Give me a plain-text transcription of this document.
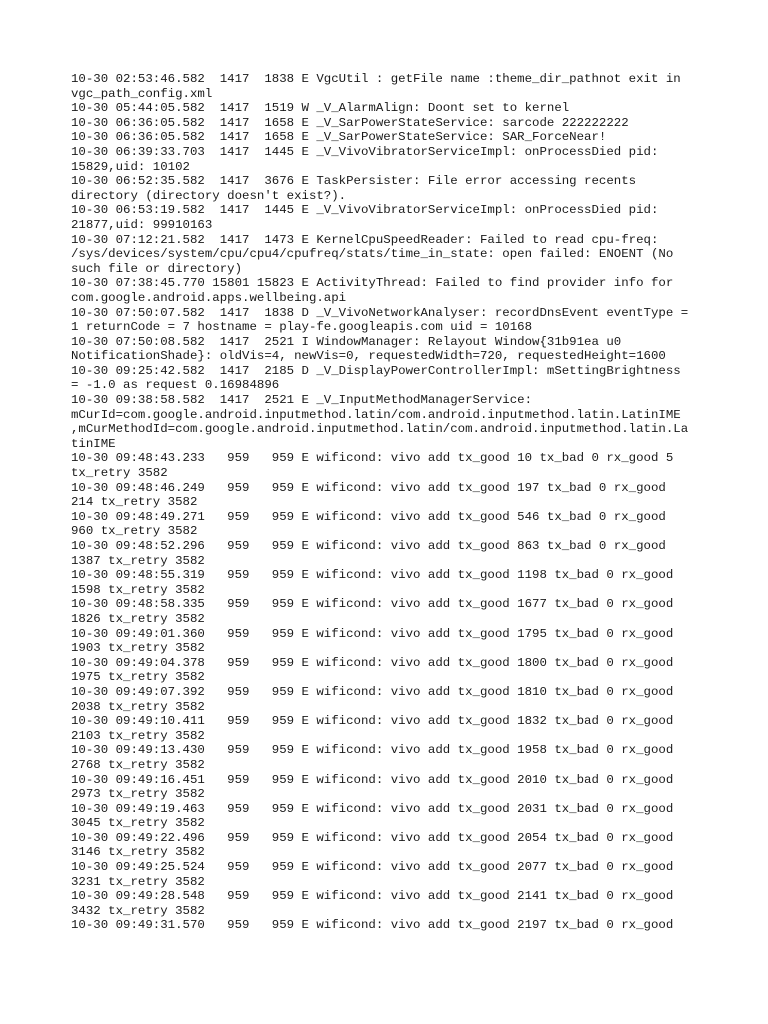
10-30 02:53:46.582  1417  1838 E VgcUtil : getFile name :theme_dir_pathnot exit in
vgc_path_config.xml
10-30 05:44:05.582  1417  1519 W _V_AlarmAlign: Doont set to kernel
10-30 06:36:05.582  1417  1658 E _V_SarPowerStateService: sarcode 222222222
10-30 06:36:05.582  1417  1658 E _V_SarPowerStateService: SAR_ForceNear!
10-30 06:39:33.703  1417  1445 E _V_VivoVibratorServiceImpl: onProcessDied pid:
15829,uid: 10102
10-30 06:52:35.582  1417  3676 E TaskPersister: File error accessing recents
directory (directory doesn't exist?).
10-30 06:53:19.582  1417  1445 E _V_VivoVibratorServiceImpl: onProcessDied pid:
21877,uid: 99910163
10-30 07:12:21.582  1417  1473 E KernelCpuSpeedReader: Failed to read cpu-freq:
/sys/devices/system/cpu/cpu4/cpufreq/stats/time_in_state: open failed: ENOENT (No
such file or directory)
10-30 07:38:45.770 15801 15823 E ActivityThread: Failed to find provider info for
com.google.android.apps.wellbeing.api
10-30 07:50:07.582  1417  1838 D _V_VivoNetworkAnalyser: recordDnsEvent eventType =
1 returnCode = 7 hostname = play-fe.googleapis.com uid = 10168
10-30 07:50:08.582  1417  2521 I WindowManager: Relayout Window{31b91ea u0
NotificationShade}: oldVis=4, newVis=0, requestedWidth=720, requestedHeight=1600
10-30 09:25:42.582  1417  2185 D _V_DisplayPowerControllerImpl: mSettingBrightness
= -1.0 as request 0.16984896
10-30 09:38:58.582  1417  2521 E _V_InputMethodManagerService:
mCurId=com.google.android.inputmethod.latin/com.android.inputmethod.latin.LatinIME
,mCurMethodId=com.google.android.inputmethod.latin/com.android.inputmethod.latin.La
tinIME
10-30 09:48:43.233   959   959 E wificond: vivo add tx_good 10 tx_bad 0 rx_good 5
tx_retry 3582
10-30 09:48:46.249   959   959 E wificond: vivo add tx_good 197 tx_bad 0 rx_good
214 tx_retry 3582
10-30 09:48:49.271   959   959 E wificond: vivo add tx_good 546 tx_bad 0 rx_good
960 tx_retry 3582
10-30 09:48:52.296   959   959 E wificond: vivo add tx_good 863 tx_bad 0 rx_good
1387 tx_retry 3582
10-30 09:48:55.319   959   959 E wificond: vivo add tx_good 1198 tx_bad 0 rx_good
1598 tx_retry 3582
10-30 09:48:58.335   959   959 E wificond: vivo add tx_good 1677 tx_bad 0 rx_good
1826 tx_retry 3582
10-30 09:49:01.360   959   959 E wificond: vivo add tx_good 1795 tx_bad 0 rx_good
1903 tx_retry 3582
10-30 09:49:04.378   959   959 E wificond: vivo add tx_good 1800 tx_bad 0 rx_good
1975 tx_retry 3582
10-30 09:49:07.392   959   959 E wificond: vivo add tx_good 1810 tx_bad 0 rx_good
2038 tx_retry 3582
10-30 09:49:10.411   959   959 E wificond: vivo add tx_good 1832 tx_bad 0 rx_good
2103 tx_retry 3582
10-30 09:49:13.430   959   959 E wificond: vivo add tx_good 1958 tx_bad 0 rx_good
2768 tx_retry 3582
10-30 09:49:16.451   959   959 E wificond: vivo add tx_good 2010 tx_bad 0 rx_good
2973 tx_retry 3582
10-30 09:49:19.463   959   959 E wificond: vivo add tx_good 2031 tx_bad 0 rx_good
3045 tx_retry 3582
10-30 09:49:22.496   959   959 E wificond: vivo add tx_good 2054 tx_bad 0 rx_good
3146 tx_retry 3582
10-30 09:49:25.524   959   959 E wificond: vivo add tx_good 2077 tx_bad 0 rx_good
3231 tx_retry 3582
10-30 09:49:28.548   959   959 E wificond: vivo add tx_good 2141 tx_bad 0 rx_good
3432 tx_retry 3582
10-30 09:49:31.570   959   959 E wificond: vivo add tx_good 2197 tx_bad 0 rx_good
